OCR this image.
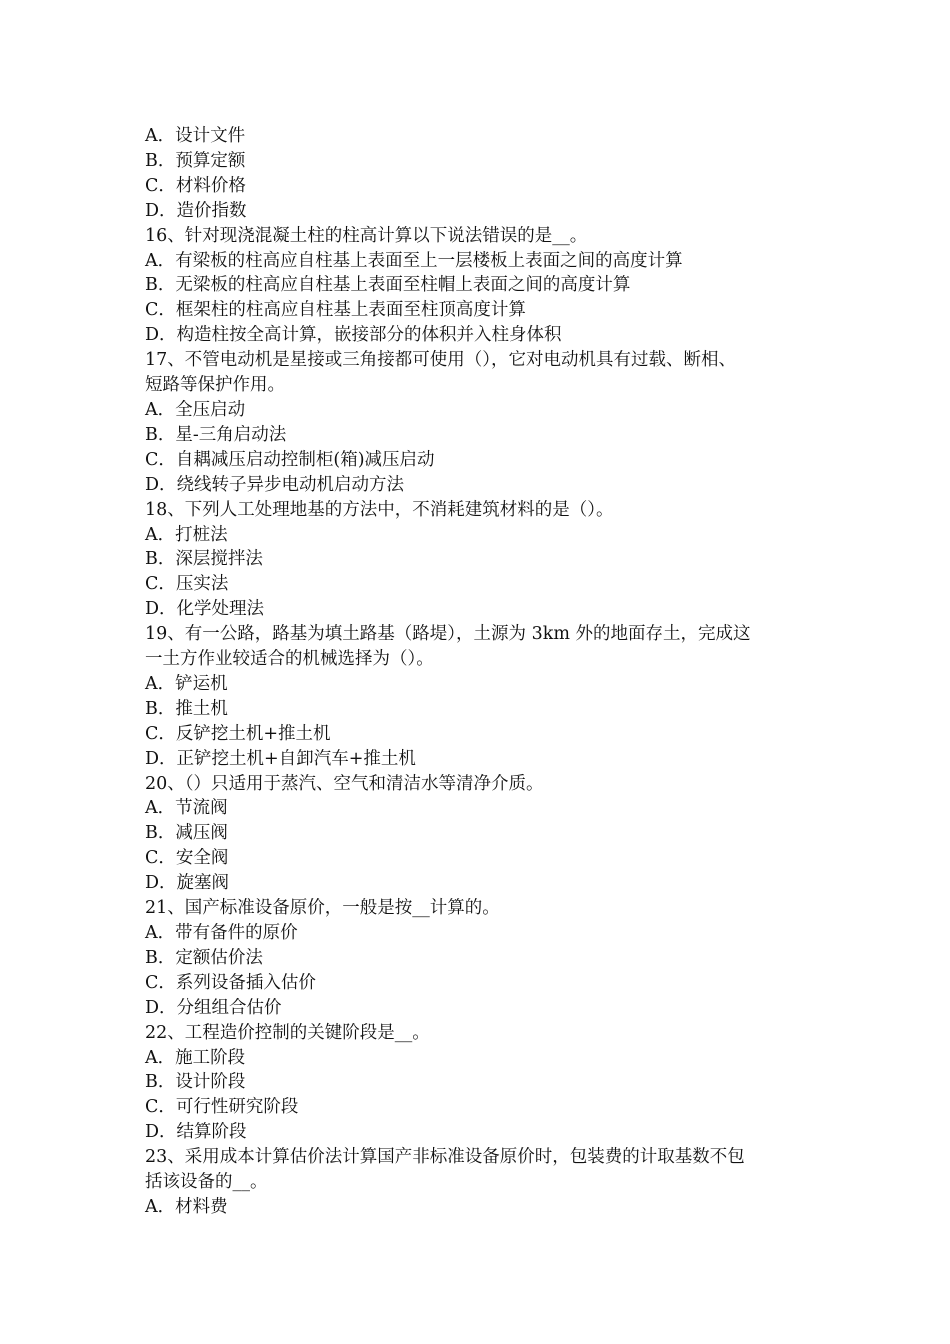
A．设计文件
B．预算定额
C．材料价格
D．造价指数
16、针对现浇混凝土柱的柱高计算以下说法错误的是__。
A．有梁板的柱高应自柱基上表面至上一层楼板上表面之间的高度计算
B．无梁板的柱高应自柱基上表面至柱帽上表面之间的高度计算
C．框架柱的柱高应自柱基上表面至柱顶高度计算
D．构造柱按全高计算，嵌接部分的体积并入柱身体积
17、不管电动机是星接或三角接都可使用（），它对电动机具有过载、断相、
短路等保护作用。
A．全压启动
B．星-三角启动法
C．自耦减压启动控制柜(箱)减压启动
D．绕线转子异步电动机启动方法
18、下列人工处理地基的方法中，不消耗建筑材料的是（）。
A．打桩法
B．深层搅拌法
C．压实法
D．化学处理法
19、有一公路，路基为填土路基（路堤），土源为 3km 外的地面存土，完成这
一土方作业较适合的机械选择为（）。
A．铲运机
B．推土机
C．反铲挖土机+推土机
D．正铲挖土机+自卸汽车+推土机
20、（）只适用于蒸汽、空气和清洁水等清净介质。
A．节流阀
B．减压阀
C．安全阀
D．旋塞阀
21、国产标准设备原价，一般是按__计算的。
A．带有备件的原价
B．定额估价法
C．系列设备插入估价
D．分组组合估价
22、工程造价控制的关键阶段是__。
A．施工阶段
B．设计阶段
C．可行性研究阶段
D．结算阶段
23、采用成本计算估价法计算国产非标准设备原价时，包装费的计取基数不包
括该设备的__。
A．材料费
